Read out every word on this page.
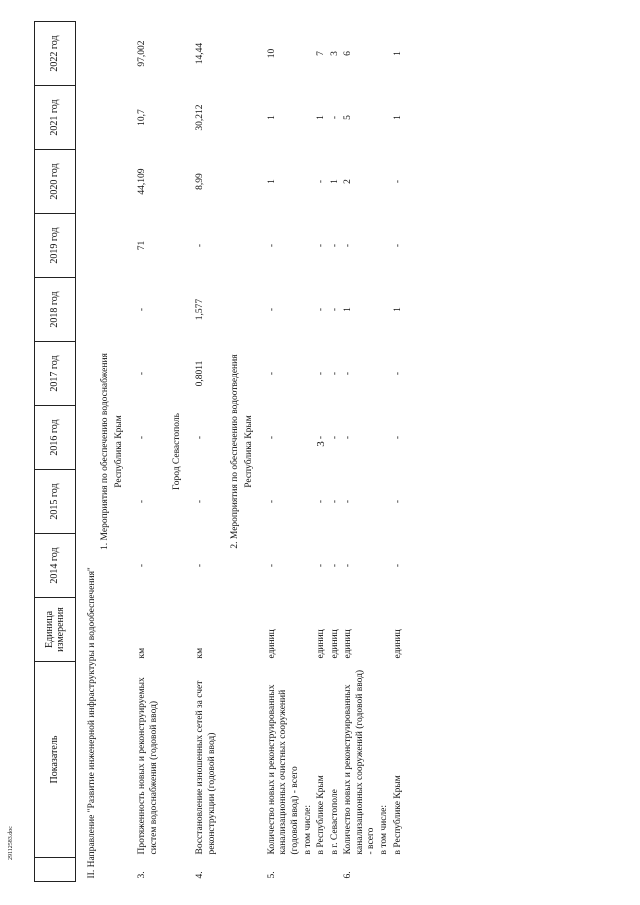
3
29112583.doc
	Показатель	Единица измерения	2014 год	2015 год	2016 год	2017 год	2018 год	2019 год	2020 год	2021 год	2022 год

II. Направление "Развитие инженерной инфраструктуры и водообеспечения"											
1. Мероприятия по обеспечению водоснабжения											
Республика Крым											

3.	Протяженность новых и реконструируемых систем водоснабжения (годовой ввод)	км	-	-	-	-	-	71	44,109	10,7	97,002

Город Севастополь											

4.	Восстановление изношенных сетей за счет реконструкции (годовой ввод)	км	-	-	-	0,8011	1,577	-	8,99	30,212	14,44

2. Мероприятия по обеспечению водоотведения											
Республика Крым											

5.	Количество новых и реконструированных канализационных очистных сооружений (годовой ввод) - всего	единиц	-	-	-	-	-	-	1	1	10
	в том числе:										
	в Республике Крым	единиц	-	-	-	-	-	-	-	1	7
	в г. Севастополе	единиц	-	-	-	-	-	-	1	-	3
6.	Количество новых и реконструированных канализационных сооружений (годовой ввод) - всего	единиц	-	-	-	-	1	-	2	5	6
	в том числе:										
	в Республике Крым	единиц	-	-	-	-	1	-	-	1	1
